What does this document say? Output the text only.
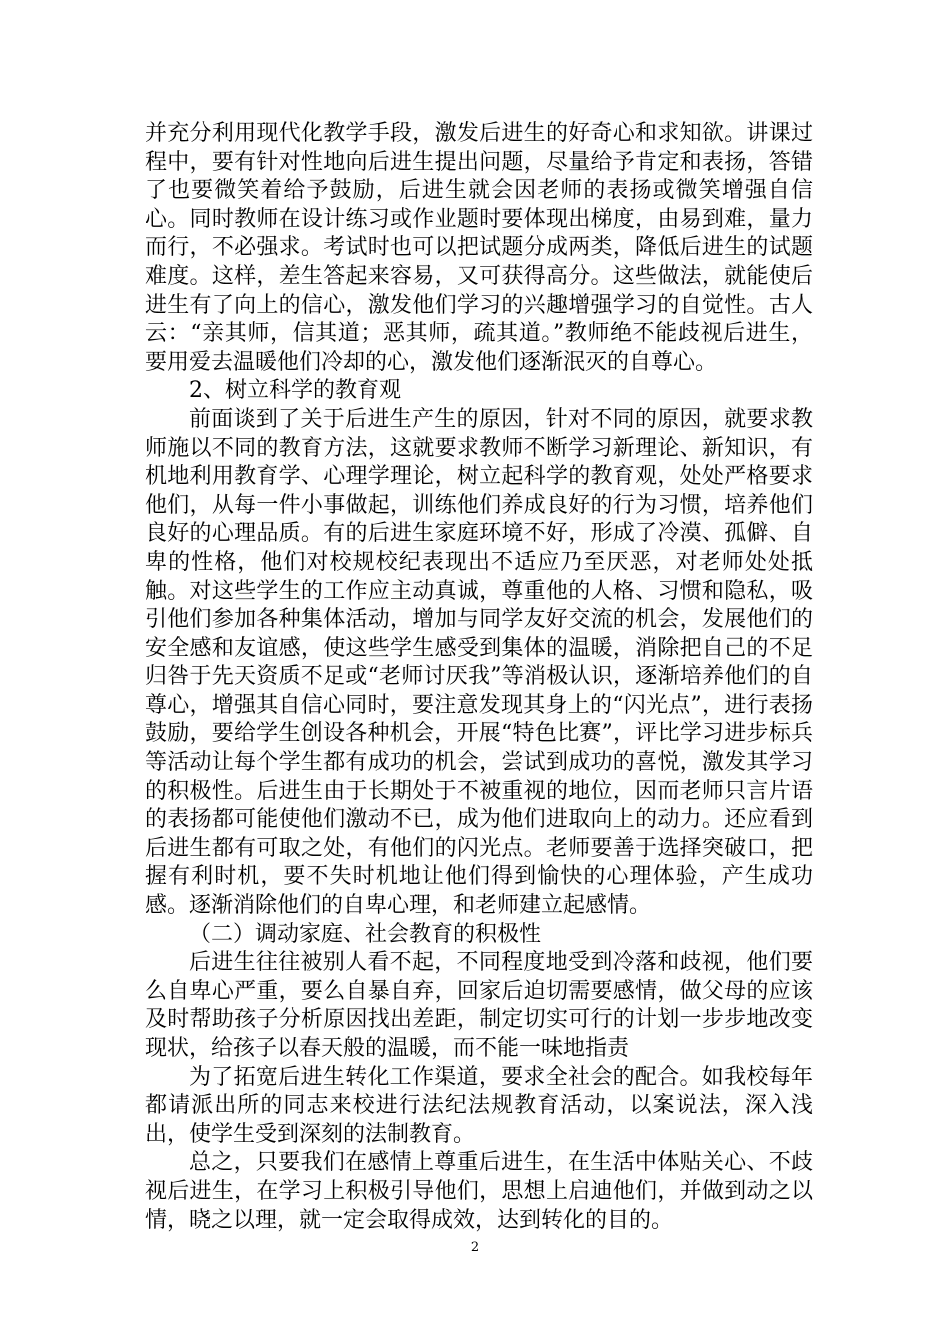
并充分利用现代化教学手段，激发后进生的好奇心和求知欲。讲课过程中，要有针对性地向后进生提出问题，尽量给予肯定和表扬，答错了也要微笑着给予鼓励，后进生就会因老师的表扬或微笑增强自信心。同时教师在设计练习或作业题时要体现出梯度，由易到难，量力而行，不必强求。考试时也可以把试题分成两类，降低后进生的试题难度。这样，差生答起来容易，又可获得高分。这些做法，就能使后进生有了向上的信心，激发他们学习的兴趣增强学习的自觉性。古人云：“亲其师，信其道；恶其师，疏其道。”教师绝不能歧视后进生，要用爱去温暖他们冷却的心，激发他们逐渐泯灭的自尊心。

2、树立科学的教育观

前面谈到了关于后进生产生的原因，针对不同的原因，就要求教师施以不同的教育方法，这就要求教师不断学习新理论、新知识，有机地利用教育学、心理学理论，树立起科学的教育观，处处严格要求他们，从每一件小事做起，训练他们养成良好的行为习惯，培养他们良好的心理品质。有的后进生家庭环境不好，形成了冷漠、孤僻、自卑的性格，他们对校规校纪表现出不适应乃至厌恶，对老师处处抵触。对这些学生的工作应主动真诚，尊重他的人格、习惯和隐私，吸引他们参加各种集体活动，增加与同学友好交流的机会，发展他们的安全感和友谊感，使这些学生感受到集体的温暖，消除把自己的不足归咎于先天资质不足或“老师讨厌我”等消极认识，逐渐培养他们的自尊心，增强其自信心同时，要注意发现其身上的“闪光点”，进行表扬鼓励，要给学生创设各种机会，开展“特色比赛”，评比学习进步标兵等活动让每个学生都有成功的机会，尝试到成功的喜悦，激发其学习的积极性。后进生由于长期处于不被重视的地位，因而老师只言片语的表扬都可能使他们激动不已，成为他们进取向上的动力。还应看到后进生都有可取之处，有他们的闪光点。老师要善于选择突破口，把握有利时机，要不失时机地让他们得到愉快的心理体验，产生成功感。逐渐消除他们的自卑心理，和老师建立起感情。

（二）调动家庭、社会教育的积极性

后进生往往被别人看不起，不同程度地受到冷落和歧视，他们要么自卑心严重，要么自暴自弃，回家后迫切需要感情，做父母的应该及时帮助孩子分析原因找出差距，制定切实可行的计划一步步地改变现状，给孩子以春天般的温暖，而不能一味地指责

为了拓宽后进生转化工作渠道，要求全社会的配合。如我校每年都请派出所的同志来校进行法纪法规教育活动，以案说法，深入浅出，使学生受到深刻的法制教育。

总之，只要我们在感情上尊重后进生，在生活中体贴关心、不歧视后进生，在学习上积极引导他们，思想上启迪他们，并做到动之以情，晓之以理，就一定会取得成效，达到转化的目的。

2
